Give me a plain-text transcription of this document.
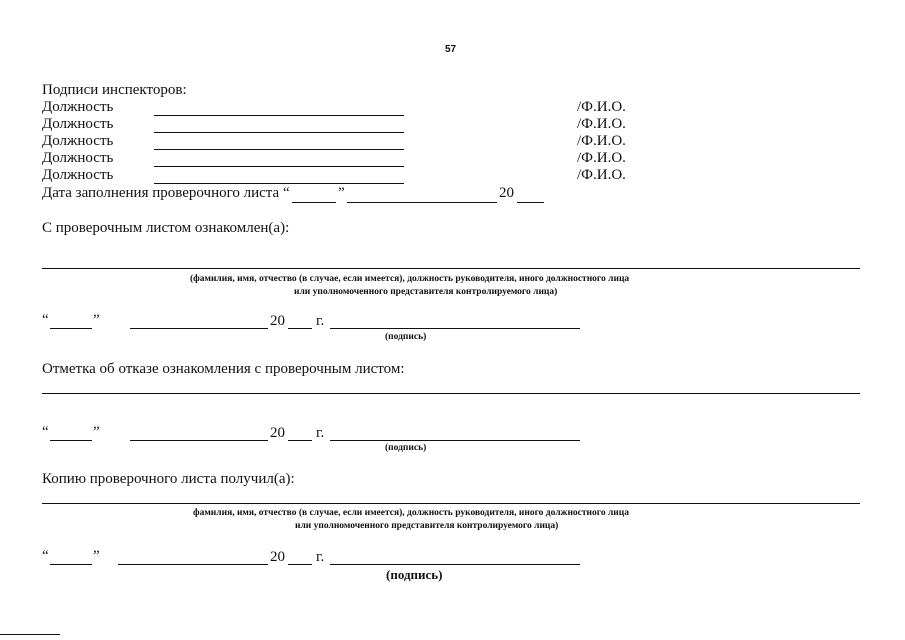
57
Подписи инспекторов:
Должность	/Ф.И.О.
Должность	/Ф.И.О.
Должность	/Ф.И.О.
Должность	/Ф.И.О.
Должность	/Ф.И.О.
Дата заполнения проверочного листа “	”	20
С проверочным листом ознакомлен(а):
(фамилия, имя, отчество (в случае, если имеется), должность руководителя, иного должностного лица
или уполномоченного представителя контролируемого лица)
“	”	20 г.
(подпись)
Отметка об отказе ознакомления с проверочным листом:
“	”	20 г.
(подпись)
Копию проверочного листа получил(а):
фамилия, имя, отчество (в случае, если имеется), должность руководителя, иного должностного лица
или уполномоченного представителя контролируемого лица)
“	”	20 г.
(подпись)
